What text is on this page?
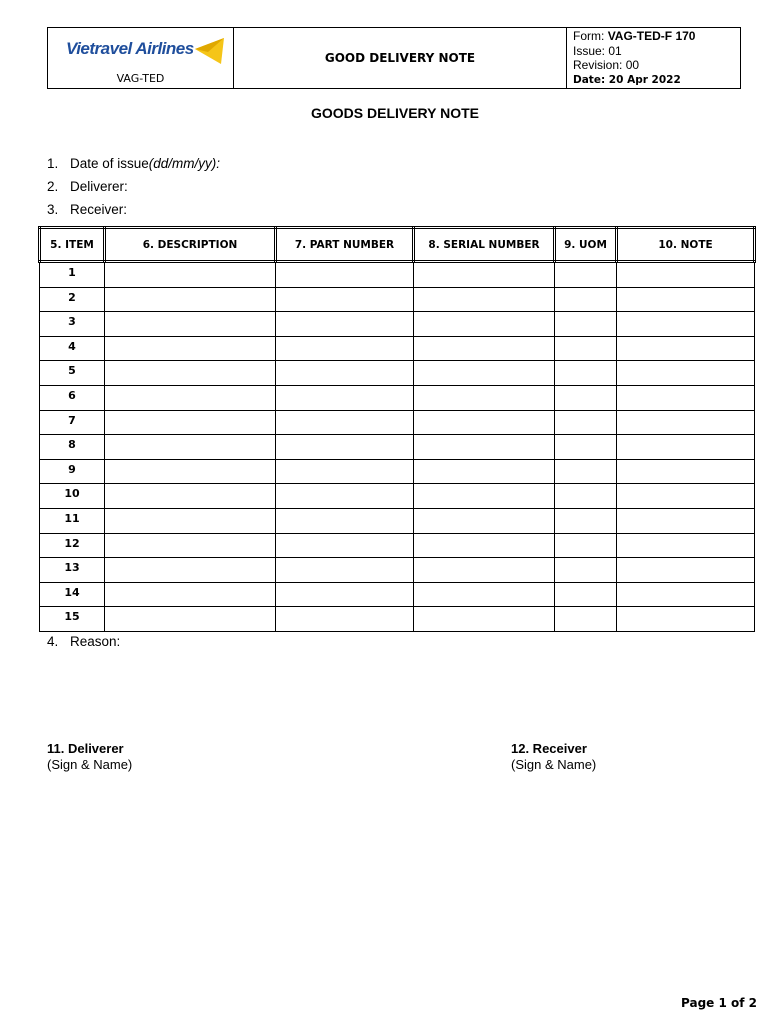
Vietravel Airlines
VAG-TED
GOOD DELIVERY NOTE
Form: VAG-TED-F 170
Issue: 01
Revision: 00
Date: 20 Apr 2022
GOODS DELIVERY NOTE
1. Date of issue (dd/mm/yy):
2. Deliverer:
3. Receiver:
5. ITEM	6. DESCRIPTION	7. PART NUMBER	8. SERIAL NUMBER	9. UOM	10. NOTE
1					
2					
3					
4					
5					
6					
7					
8					
9					
10					
11					
12					
13					
14					
15					
4. Reason:
11. Deliverer
(Sign & Name)
12. Receiver
(Sign & Name)
Page 1 of 2
